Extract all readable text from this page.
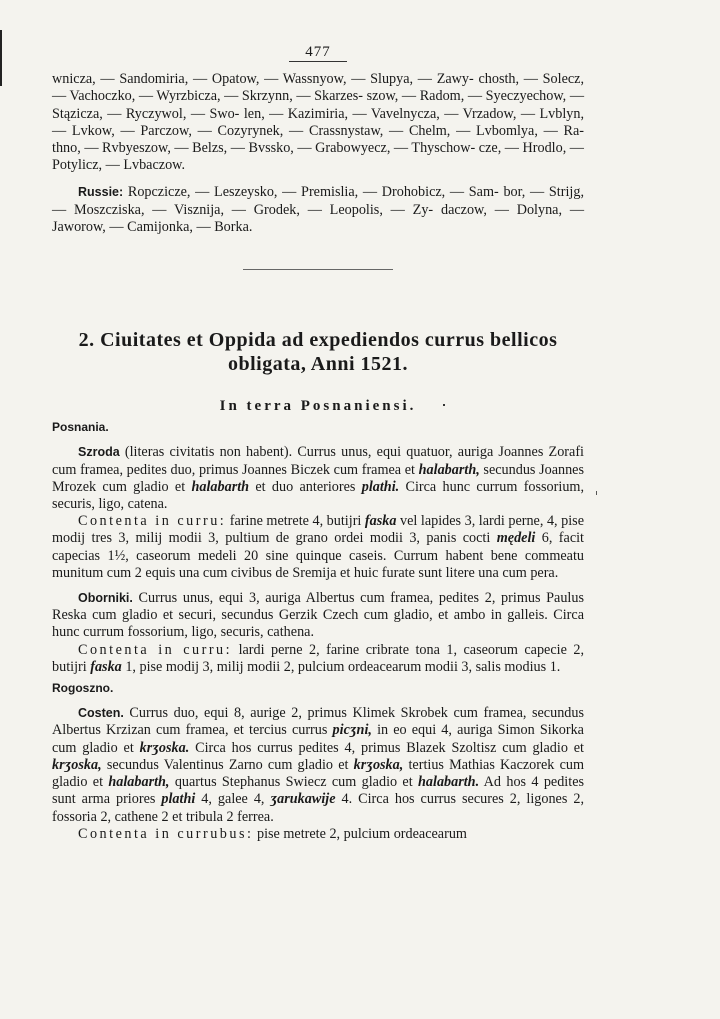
477

wnicza, — Sandomiria, — Opatow, — Wassnyow, — Slupya, — Zawy- chosth, — Solecz, — Vachoczko, — Wyrzbicza, — Skrzynn, — Skarzes- szow, — Radom, — Syeczyechow, — Stązicza, — Ryczywol, — Swo- len, — Kazimiria, — Vavelnycza, — Vrzadow, — Lvblyn, — Lvkow, — Parczow, — Cozyrynek, — Crassnystaw, — Chelm, — Lvbomlya, — Ra- thno, — Rvbyeszow, — Belzs, — Bvssko, — Grabowyecz, — Thyschow- cze, — Hrodlo, — Potylicz, — Lvbaczow.

Russie: Ropczicze, — Leszeysko, — Premislia, — Drohobicz, — Sam- bor, — Strijg, — Moszcziska, — Visznija, — Grodek, — Leopolis, — Zy- daczow, — Dolyna, — Jaworow, — Camijonka, — Borka.

2. Ciuitates et Oppida ad expediendos currus bellicos
obligata, Anni 1521.
In terra Posnaniensi.
Posnania.

Szroda (literas civitatis non habent). Currus unus, equi quatuor, auriga Joannes Zorafi cum framea, pedites duo, primus Joannes Biczek cum framea et halabarth, secundus Joannes Mrozek cum gladio et halabarth et duo anteriores plathi. Circa hunc currum fossorium, securis, ligo, catena.

Contenta in curru: farine metrete 4, butijri faska vel lapides 3, lardi perne, 4, pise modij tres 3, milij modii 3, pultium de grano ordei modii 3, panis cocti mędeli 6, facit capecias 1½, caseorum medeli 20 sine quinque caseis. Currum habent bene commeatu munitum cum 2 equis una cum civibus de Sremija et huic furate sunt litere una cum pera.

Oborniki. Currus unus, equi 3, auriga Albertus cum framea, pedites 2, primus Paulus Reska cum gladio et securi, secundus Gerzik Czech cum gladio, et ambo in galleis. Circa hunc currum fossorium, ligo, securis, cathena.

Contenta in curru: lardi perne 2, farine cribrate tona 1, caseorum capecie 2, butijri faska 1, pise modij 3, milij modii 2, pulcium ordeacearum modii 3, salis modius 1.

Rogoszno.

Costen. Currus duo, equi 8, aurige 2, primus Klimek Skrobek cum framea, secundus Albertus Krzizan cum framea, et tercius currus picʒni, in eo equi 4, auriga Simon Sikorka cum gladio et krʒoska. Circa hos currus pedites 4, primus Blazek Szoltisz cum gladio et krʒoska, secundus Valentinus Zarno cum gladio et krʒoska, tertius Mathias Kaczorek cum gladio et halabarth, quartus Stephanus Swiecz cum gladio et halabarth. Ad hos 4 pedites sunt arma priores plathi 4, galee 4, ʒarukawije 4. Circa hos currus secures 2, ligones 2, fossoria 2, cathene 2 et tribula 2 ferrea.

Contenta in currubus: pise metrete 2, pulcium ordeacearum
